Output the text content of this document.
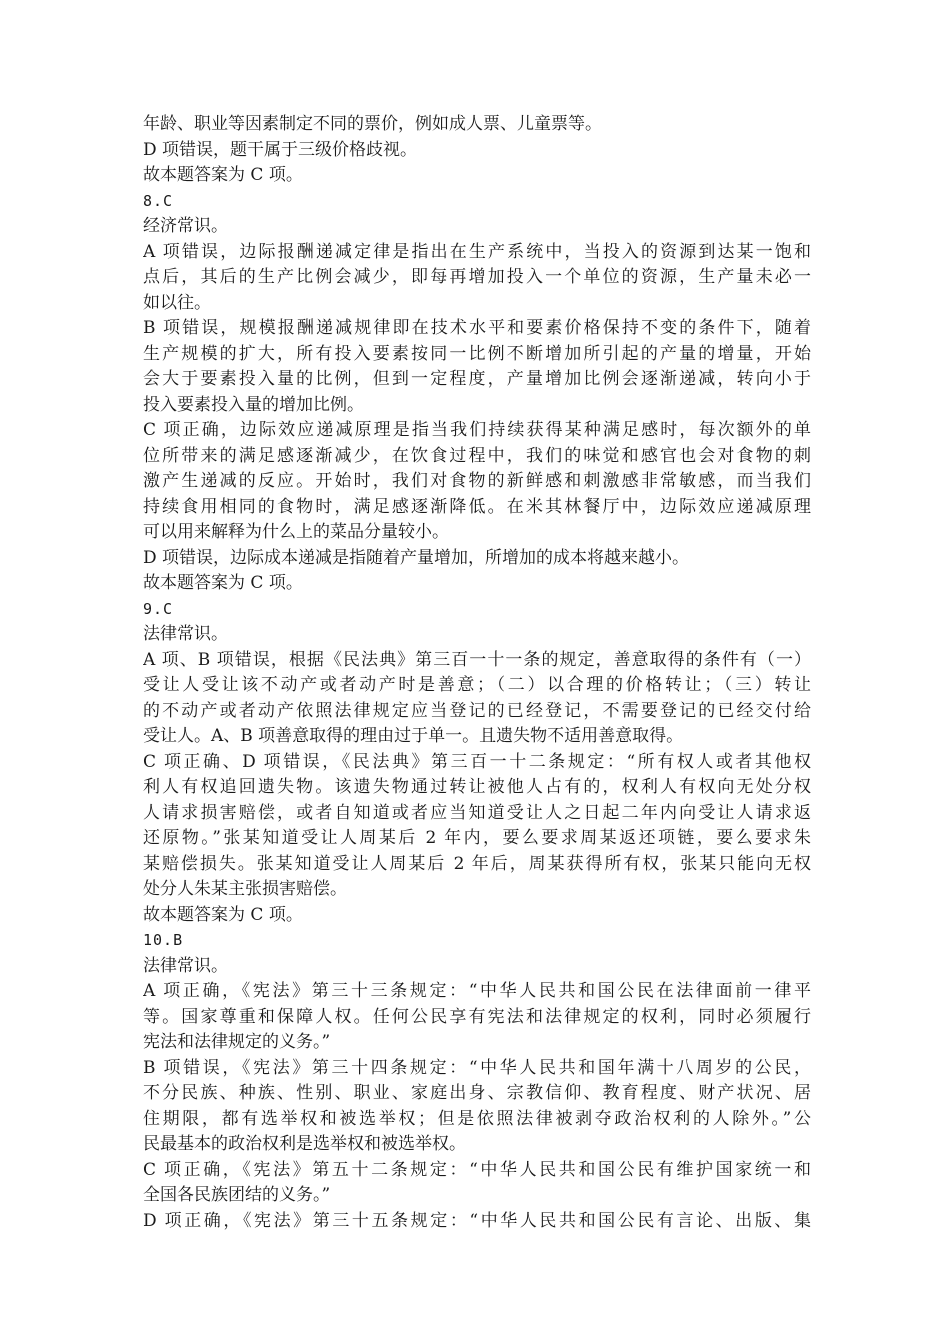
年龄、职业等因素制定不同的票价，例如成人票、儿童票等。
D 项错误，题干属于三级价格歧视。
故本题答案为 C 项。
8.C
经济常识。
A 项错误，边际报酬递减定律是指出在生产系统中，当投入的资源到达某一饱和
点后，其后的生产比例会减少，即每再增加投入一个单位的资源，生产量未必一
如以往。
B 项错误，规模报酬递减规律即在技术水平和要素价格保持不变的条件下，随着
生产规模的扩大，所有投入要素按同一比例不断增加所引起的产量的增量，开始
会大于要素投入量的比例，但到一定程度，产量增加比例会逐渐递减，转向小于
投入要素投入量的增加比例。
C 项正确，边际效应递减原理是指当我们持续获得某种满足感时，每次额外的单
位所带来的满足感逐渐减少，在饮食过程中，我们的味觉和感官也会对食物的刺
激产生递减的反应。开始时，我们对食物的新鲜感和刺激感非常敏感，而当我们
持续食用相同的食物时，满足感逐渐降低。在米其林餐厅中，边际效应递减原理
可以用来解释为什么上的菜品分量较小。
D 项错误，边际成本递减是指随着产量增加，所增加的成本将越来越小。
故本题答案为 C 项。
9.C
法律常识。
A 项、B 项错误，根据《民法典》第三百一十一条的规定，善意取得的条件有（一）
受让人受让该不动产或者动产时是善意；（二）以合理的价格转让；（三）转让
的不动产或者动产依照法律规定应当登记的已经登记，不需要登记的已经交付给
受让人。A、B 项善意取得的理由过于单一。且遗失物不适用善意取得。
C 项正确、D 项错误，《民法典》第三百一十二条规定：“所有权人或者其他权
利人有权追回遗失物。该遗失物通过转让被他人占有的，权利人有权向无处分权
人请求损害赔偿，或者自知道或者应当知道受让人之日起二年内向受让人请求返
还原物。”张某知道受让人周某后 2 年内，要么要求周某返还项链，要么要求朱
某赔偿损失。张某知道受让人周某后 2 年后，周某获得所有权，张某只能向无权
处分人朱某主张损害赔偿。
故本题答案为 C 项。
10.B
法律常识。
A 项正确，《宪法》第三十三条规定：“中华人民共和国公民在法律面前一律平
等。国家尊重和保障人权。任何公民享有宪法和法律规定的权利，同时必须履行
宪法和法律规定的义务。”
B 项错误，《宪法》第三十四条规定：“中华人民共和国年满十八周岁的公民，
不分民族、种族、性别、职业、家庭出身、宗教信仰、教育程度、财产状况、居
住期限，都有选举权和被选举权；但是依照法律被剥夺政治权利的人除外。”公
民最基本的政治权利是选举权和被选举权。
C 项正确，《宪法》第五十二条规定：“中华人民共和国公民有维护国家统一和
全国各民族团结的义务。”
D 项正确，《宪法》第三十五条规定：“中华人民共和国公民有言论、出版、集
